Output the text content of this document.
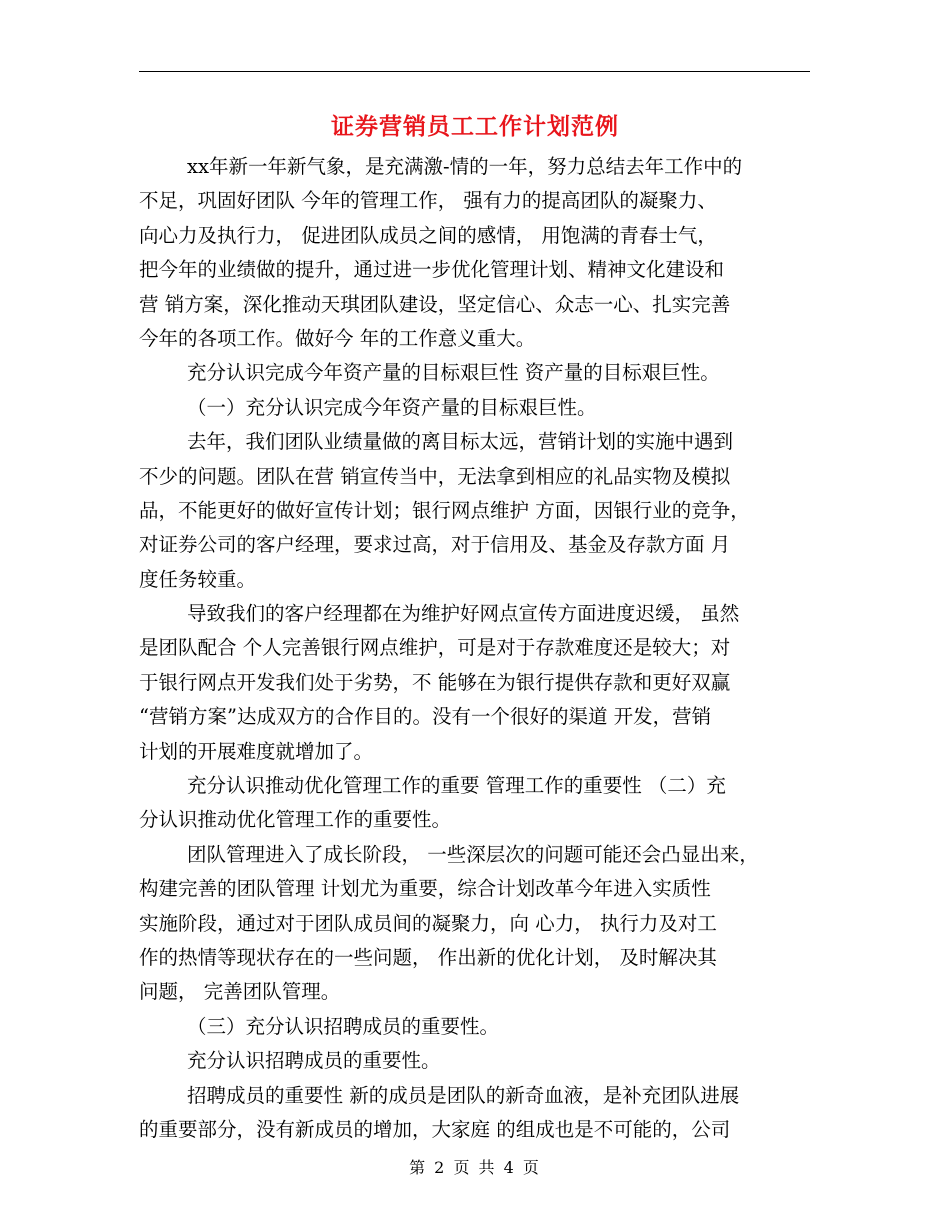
证券营销员工工作计划范例
xx年新一年新气象，是充满激-情的一年，努力总结去年工作中的
不足，巩固好团队 今年的管理工作， 强有力的提高团队的凝聚力、
向心力及执行力， 促进团队成员之间的感情， 用饱满的青春士气，
把今年的业绩做的提升，通过进一步优化管理计划、精神文化建设和
营 销方案，深化推动天琪团队建设，坚定信心、众志一心、扎实完善
今年的各项工作。做好今 年的工作意义重大。
充分认识完成今年资产量的目标艰巨性 资产量的目标艰巨性。
（一）充分认识完成今年资产量的目标艰巨性。
去年，我们团队业绩量做的离目标太远，营销计划的实施中遇到
不少的问题。团队在营 销宣传当中，无法拿到相应的礼品实物及模拟
品，不能更好的做好宣传计划；银行网点维护 方面，因银行业的竞争，
对证券公司的客户经理，要求过高，对于信用及、基金及存款方面 月
度任务较重。
导致我们的客户经理都在为维护好网点宣传方面进度迟缓， 虽然
是团队配合 个人完善银行网点维护，可是对于存款难度还是较大；对
于银行网点开发我们处于劣势，不 能够在为银行提供存款和更好双赢
“营销方案”达成双方的合作目的。没有一个很好的渠道 开发，营销
计划的开展难度就增加了。
充分认识推动优化管理工作的重要 管理工作的重要性 （二）充
分认识推动优化管理工作的重要性。
团队管理进入了成长阶段， 一些深层次的问题可能还会凸显出来，
构建完善的团队管理 计划尤为重要，综合计划改革今年进入实质性
实施阶段，通过对于团队成员间的凝聚力，向 心力， 执行力及对工
作的热情等现状存在的一些问题， 作出新的优化计划， 及时解决其
问题， 完善团队管理。
（三）充分认识招聘成员的重要性。
充分认识招聘成员的重要性。
招聘成员的重要性 新的成员是团队的新奇血液，是补充团队进展
的重要部分，没有新成员的增加，大家庭 的组成也是不可能的，公司
第 2 页 共 4 页
